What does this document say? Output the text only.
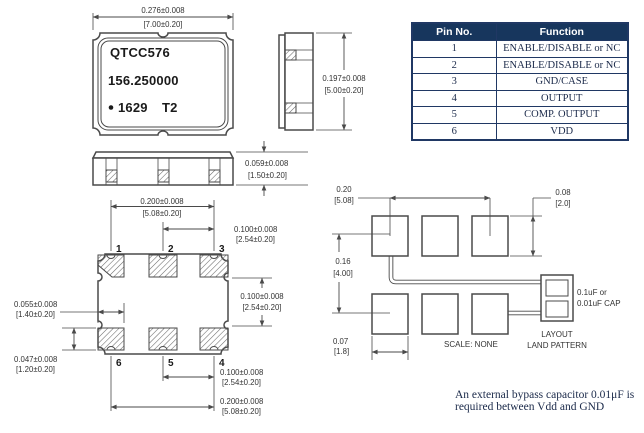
QTCC576
156.250000
1629 T2
0.276±0.008
[7.00±0.20]
0.197±0.008
[5.00±0.20]
0.059±0.008
[1.50±0.20]
1	2	3
6	5	4
0.200±0.008
[5.08±0.20]
0.100±0.008
[2.54±0.20]
0.100±0.008
[2.54±0.20]
0.100±0.008
[2.54±0.20]
0.200±0.008
[5.08±0.20]
0.055±0.008
[1.40±0.20]
0.047±0.008
[1.20±0.20]
0.20
[5.08]
0.16
[4.00]
0.07
[1.8]
0.08
[2.0]
0.1uF or
0.01uF CAP
LAYOUT
LAND PATTERN
SCALE: NONE
Pin No.	Function
1	ENABLE/DISABLE or NC
2	ENABLE/DISABLE or NC
3	GND/CASE
4	OUTPUT
5	COMP. OUTPUT
6	VDD
An external bypass capacitor 0.01μF is
required between Vdd and GND
